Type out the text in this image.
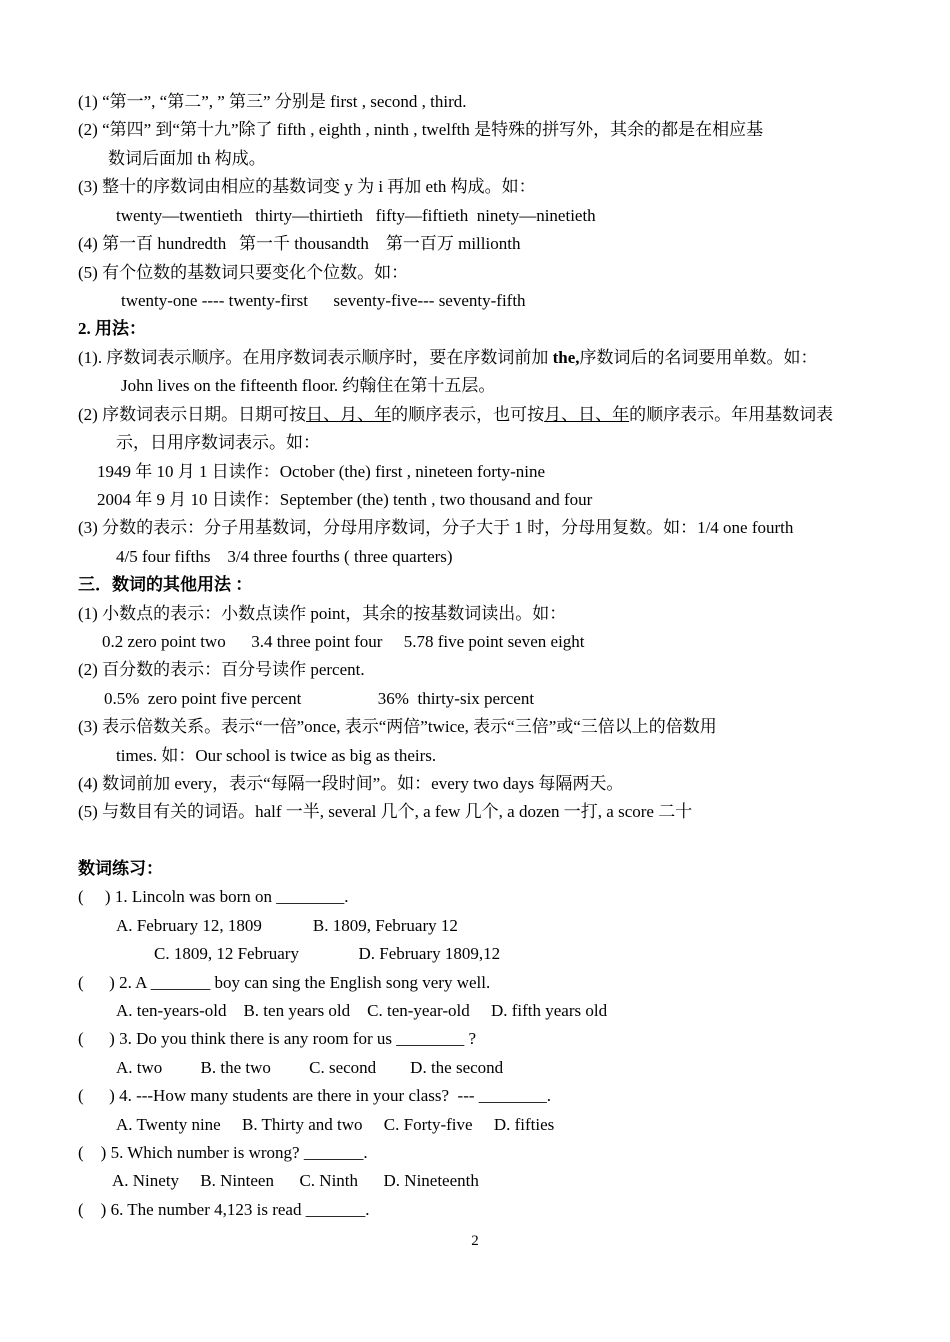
(1) “第一”, “第二”, ” 第三” 分别是 first , second , third.
(2) “第四” 到“第十九”除了 fifth , eighth , ninth , twelfth 是特殊的拼写外，其余的都是在相应基
数词后面加 th 构成。
(3) 整十的序数词由相应的基数词变 y 为 i 再加 eth 构成。如：
twenty—twentieth   thirty—thirtieth   fifty—fiftieth  ninety—ninetieth
(4) 第一百 hundredth   第一千 thousandth    第一百万 millionth
(5) 有个位数的基数词只要变化个位数。如：
twenty-one ---- twenty-first      seventy-five--- seventy-fifth
2. 用法：
(1). 序数词表示顺序。在用序数词表示顺序时，要在序数词前加 the,序数词后的名词要用单数。如：
John lives on the fifteenth floor. 约翰住在第十五层。
(2) 序数词表示日期。日期可按日、月、年的顺序表示，也可按月、日、年的顺序表示。年用基数词表
示，日用序数词表示。如：
1949 年 10 月 1 日读作：October (the) first , nineteen forty-nine
2004 年 9 月 10 日读作：September (the) tenth , two thousand and four
(3) 分数的表示：分子用基数词，分母用序数词，分子大于 1 时，分母用复数。如：1/4 one fourth
4/5 four fifths    3/4 three fourths ( three quarters)
三．数词的其他用法 ：
(1) 小数点的表示：小数点读作 point，其余的按基数词读出。如：
0.2 zero point two      3.4 three point four     5.78 five point seven eight
(2) 百分数的表示：百分号读作 percent.
0.5%  zero point five percent                  36%  thirty-six percent
(3) 表示倍数关系。表示“一倍”once, 表示“两倍”twice, 表示“三倍”或“三倍以上的倍数用
times. 如：Our school is twice as big as theirs.
(4) 数词前加 every，表示“每隔一段时间”。如：every two days 每隔两天。
(5) 与数目有关的词语。half 一半, several 几个, a few 几个, a dozen 一打, a score 二十
数词练习：
(     ) 1. Lincoln was born on ________.
A. February 12, 1809            B. 1809, February 12
C. 1809, 12 February              D. February 1809,12
(      ) 2. A _______ boy can sing the English song very well.
A. ten-years-old    B. ten years old    C. ten-year-old     D. fifth years old
(      ) 3. Do you think there is any room for us ________ ?
A. two         B. the two         C. second        D. the second
(      ) 4. ---How many students are there in your class?  --- ________.
A. Twenty nine     B. Thirty and two     C. Forty-five     D. fifties
(    ) 5. Which number is wrong? _______.
A. Ninety     B. Ninteen      C. Ninth      D. Nineteenth
(    ) 6. The number 4,123 is read _______.
2
